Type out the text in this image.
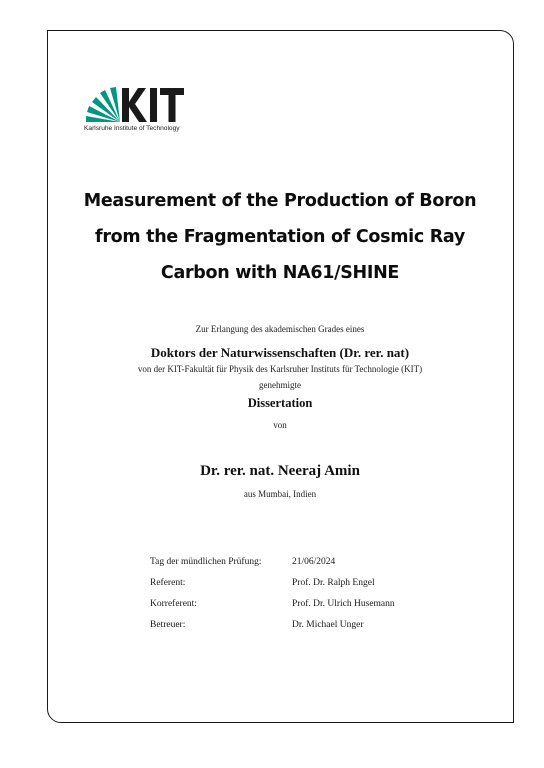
Karlsruhe Institute of Technology
Measurement of the Production of Boron
from the Fragmentation of Cosmic Ray
Carbon with NA61/SHINE
Zur Erlangung des akademischen Grades eines
Doktors der Naturwissenschaften (Dr. rer. nat)
von der KIT-Fakultät für Physik des Karlsruher Instituts für Technologie (KIT)
genehmigte
Dissertation
von
Dr. rer. nat. Neeraj Amin
aus Mumbai, Indien
Tag der mündlichen Prüfung:	21/06/2024
Referent:	Prof. Dr. Ralph Engel
Korreferent:	Prof. Dr. Ulrich Husemann
Betreuer:	Dr. Michael Unger
